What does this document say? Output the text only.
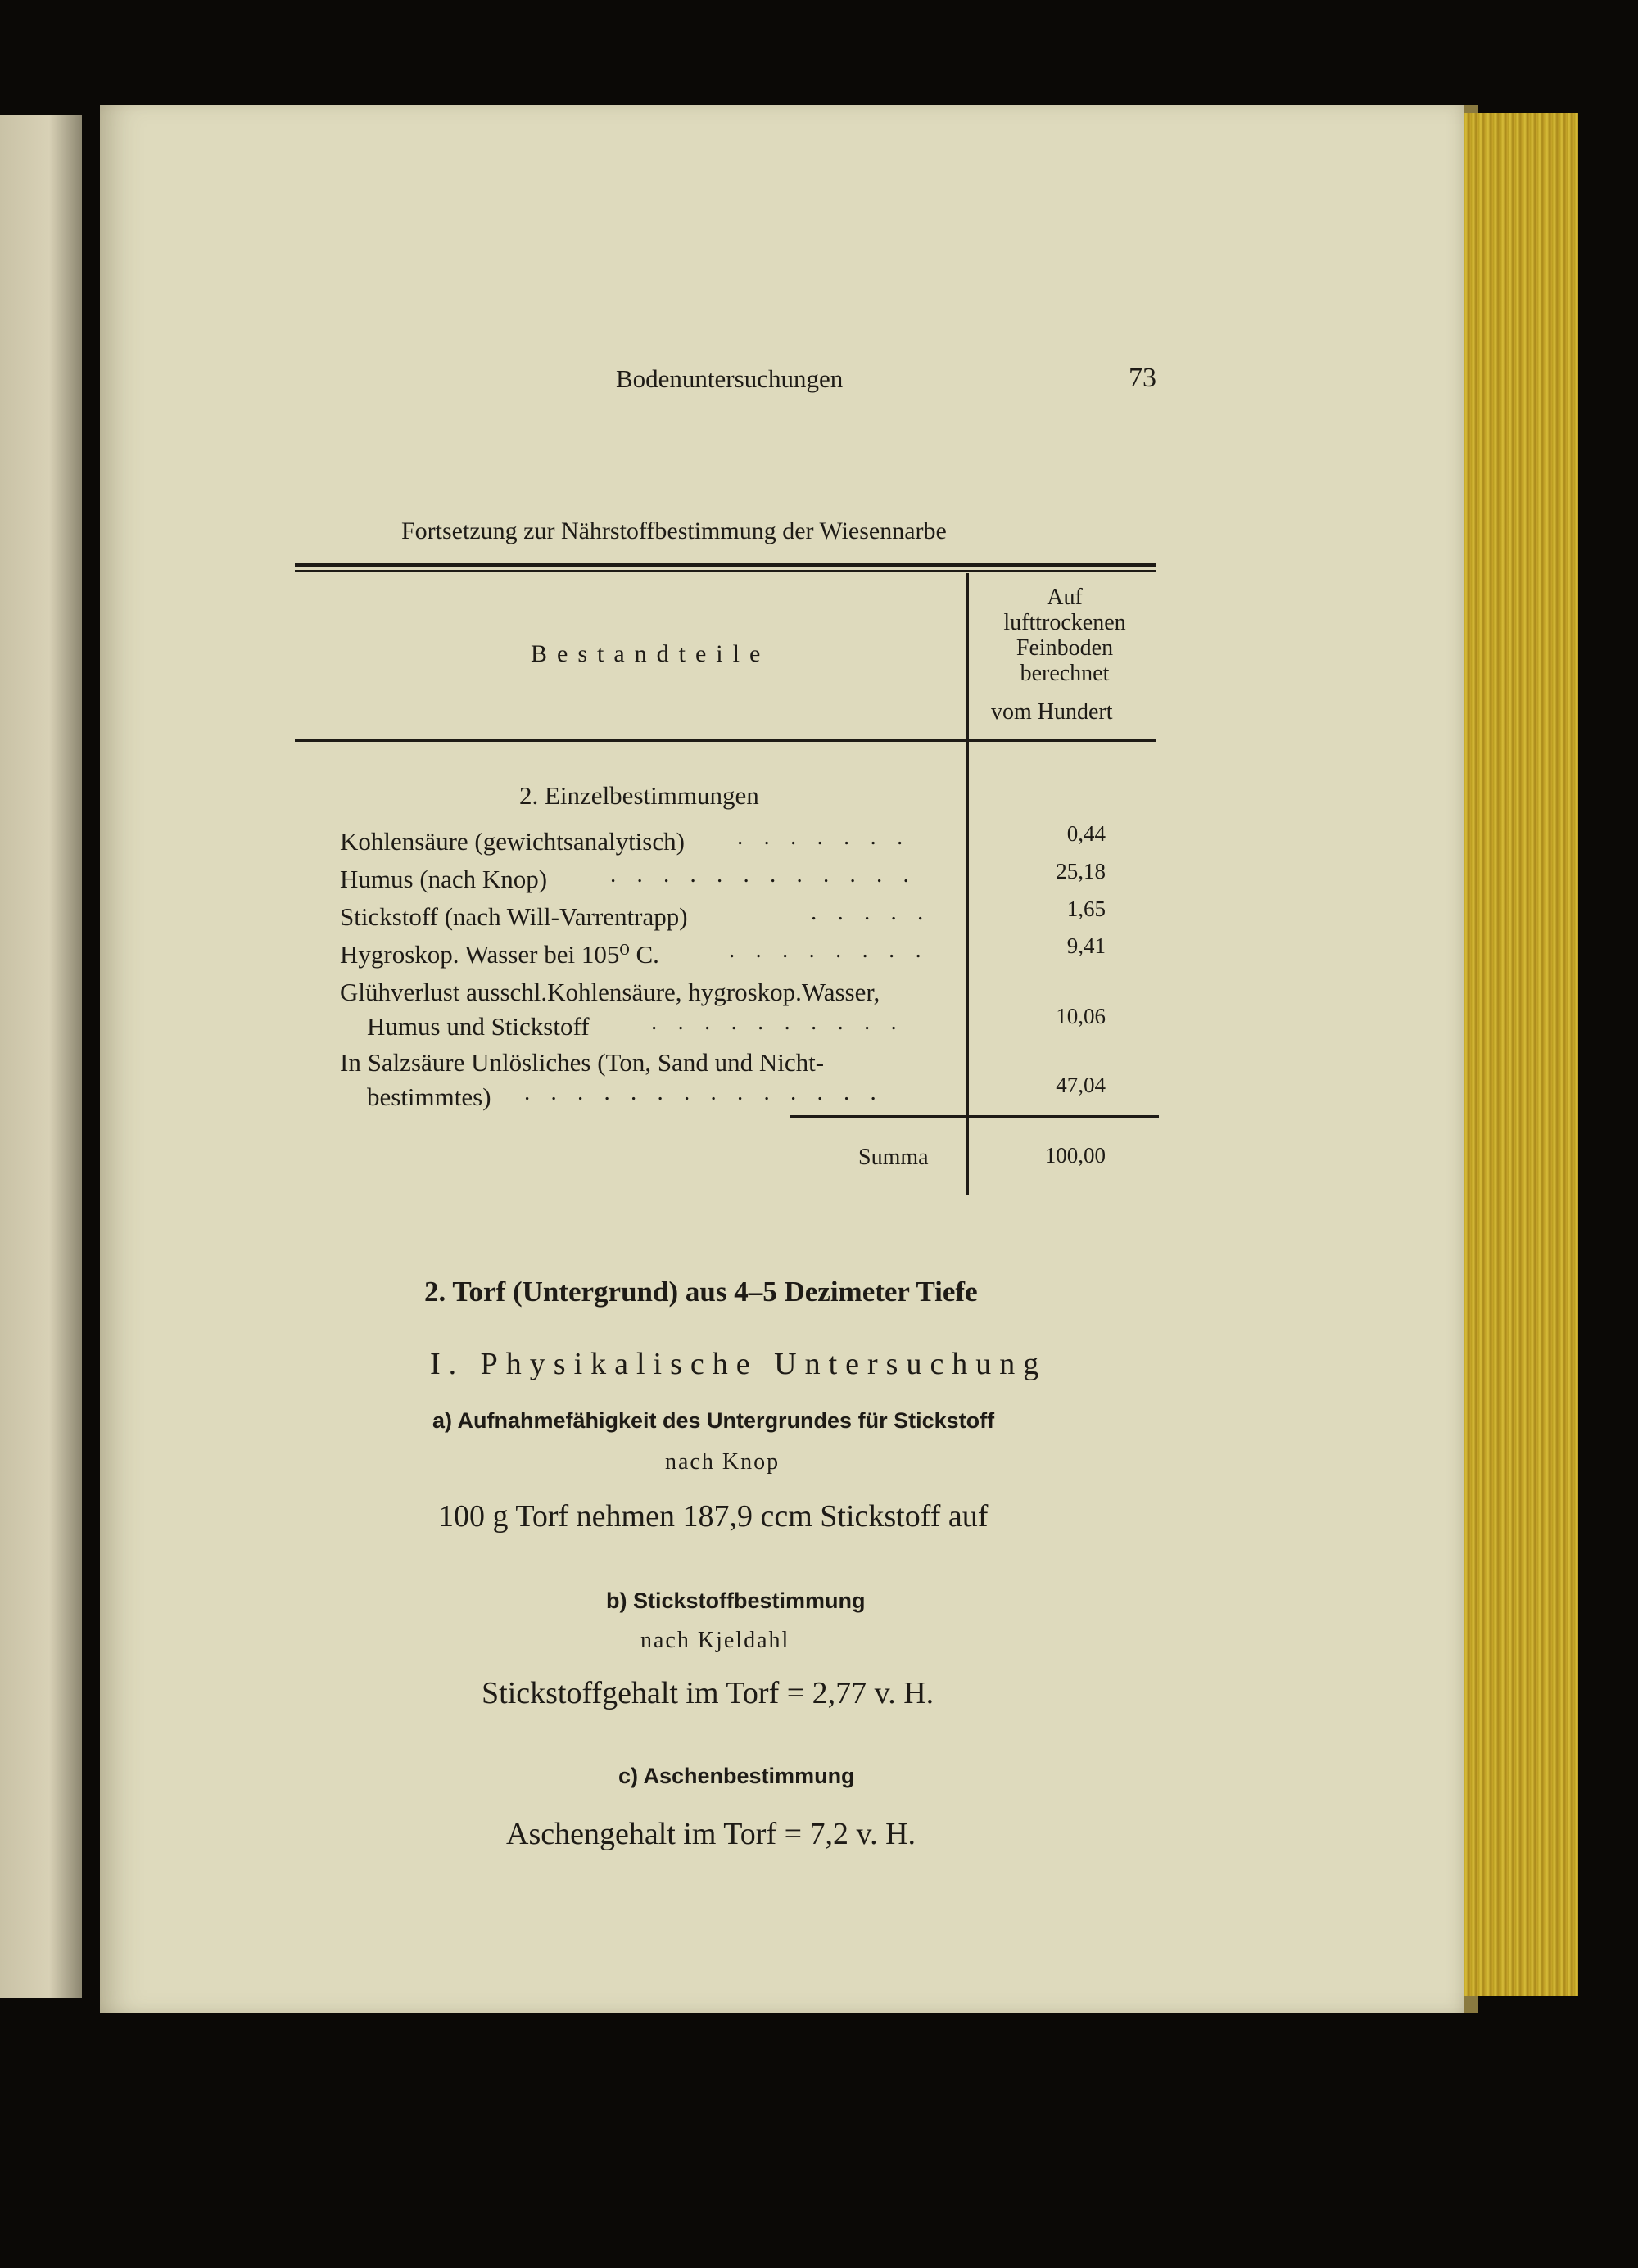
Bodenuntersuchungen	73
Fortsetzung zur Nährstoffbestimmung der Wiesennarbe
Bestandteile
Auf
lufttrockenen
Feinboden
berechnet
vom Hundert
2. Einzelbestimmungen
Kohlensäure (gewichtsanalytisch) . . . . . . .	0,44
Humus (nach Knop)	. . . . . . . . . . . .	25,18
Stickstoff (nach Will-Varrentrapp)	. . . . .	1,65
Hygroskop. Wasser bei 105⁰ C.	. . . . . . . .	9,41
Glühverlust ausschl.Kohlensäure, hygroskop.Wasser,
Humus und Stickstoff	. . . . . . . . . .	10,06
In Salzsäure Unlösliches (Ton, Sand und Nicht-
bestimmtes) . . . . . . . . . . . . . .	47,04
Summa	100,00
2. Torf (Untergrund) aus 4–5 Dezimeter Tiefe
I. Physikalische Untersuchung
a) Aufnahmefähigkeit des Untergrundes für Stickstoff
nach Knop
100 g Torf nehmen 187,9 ccm Stickstoff auf
b) Stickstoffbestimmung
nach Kjeldahl
Stickstoffgehalt im Torf = 2,77 v. H.
c) Aschenbestimmung
Aschengehalt im Torf = 7,2 v. H.
